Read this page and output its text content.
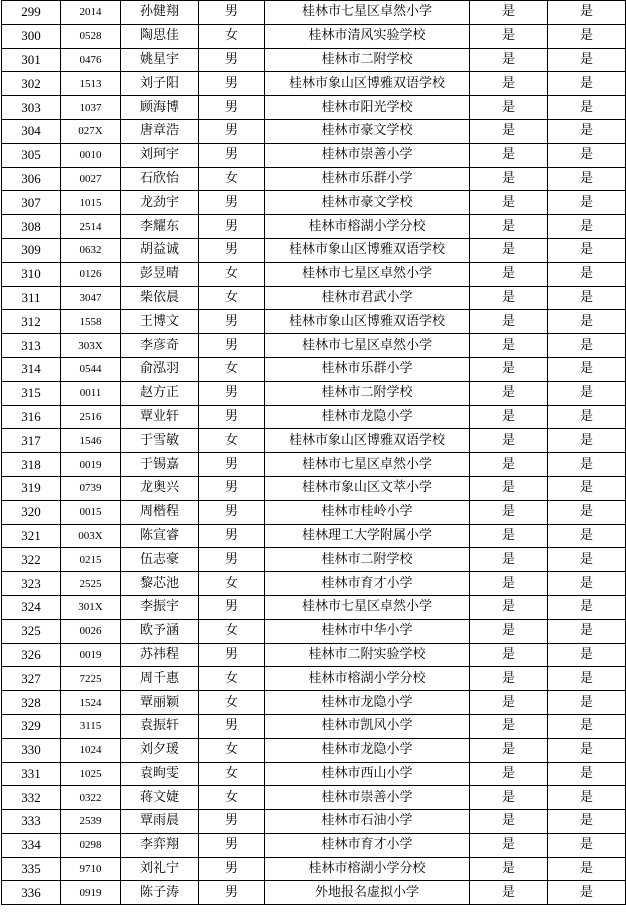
299	2014	孙健翔	男	桂林市七星区卓然小学	是	是
300	0528	陶思佳	女	桂林市清风实验学校	是	是
301	0476	姚星宇	男	桂林市二附学校	是	是
302	1513	刘子阳	男	桂林市象山区博雅双语学校	是	是
303	1037	顾海博	男	桂林市阳光学校	是	是
304	027X	唐章浩	男	桂林市豪文学校	是	是
305	0010	刘珂宇	男	桂林市崇善小学	是	是
306	0027	石欣怡	女	桂林市乐群小学	是	是
307	1015	龙劲宇	男	桂林市豪文学校	是	是
308	2514	李耀东	男	桂林市榕湖小学分校	是	是
309	0632	胡益诚	男	桂林市象山区博雅双语学校	是	是
310	0126	彭昱晴	女	桂林市七星区卓然小学	是	是
311	3047	柴依晨	女	桂林市君武小学	是	是
312	1558	王博文	男	桂林市象山区博雅双语学校	是	是
313	303X	李彦奇	男	桂林市七星区卓然小学	是	是
314	0544	俞泓羽	女	桂林市乐群小学	是	是
315	0011	赵方正	男	桂林市二附学校	是	是
316	2516	覃业轩	男	桂林市龙隐小学	是	是
317	1546	于雪敏	女	桂林市象山区博雅双语学校	是	是
318	0019	于锡嘉	男	桂林市七星区卓然小学	是	是
319	0739	龙奥兴	男	桂林市象山区文萃小学	是	是
320	0015	周楷程	男	桂林市桂岭小学	是	是
321	003X	陈宣睿	男	桂林理工大学附属小学	是	是
322	0215	伍志豪	男	桂林市二附学校	是	是
323	2525	黎芯池	女	桂林市育才小学	是	是
324	301X	李振宇	男	桂林市七星区卓然小学	是	是
325	0026	欧予涵	女	桂林市中华小学	是	是
326	0019	苏祎程	男	桂林市二附实验学校	是	是
327	7225	周千惠	女	桂林市榕湖小学分校	是	是
328	1524	覃丽颖	女	桂林市龙隐小学	是	是
329	3115	袁振轩	男	桂林市凯风小学	是	是
330	1024	刘夕瑗	女	桂林市龙隐小学	是	是
331	1025	袁昫雯	女	桂林市西山小学	是	是
332	0322	蒋文婕	女	桂林市崇善小学	是	是
333	2539	覃雨晨	男	桂林市石油小学	是	是
334	0298	李弈翔	男	桂林市育才小学	是	是
335	9710	刘礼宁	男	桂林市榕湖小学分校	是	是
336	0919	陈子涛	男	外地报名虚拟小学	是	是
